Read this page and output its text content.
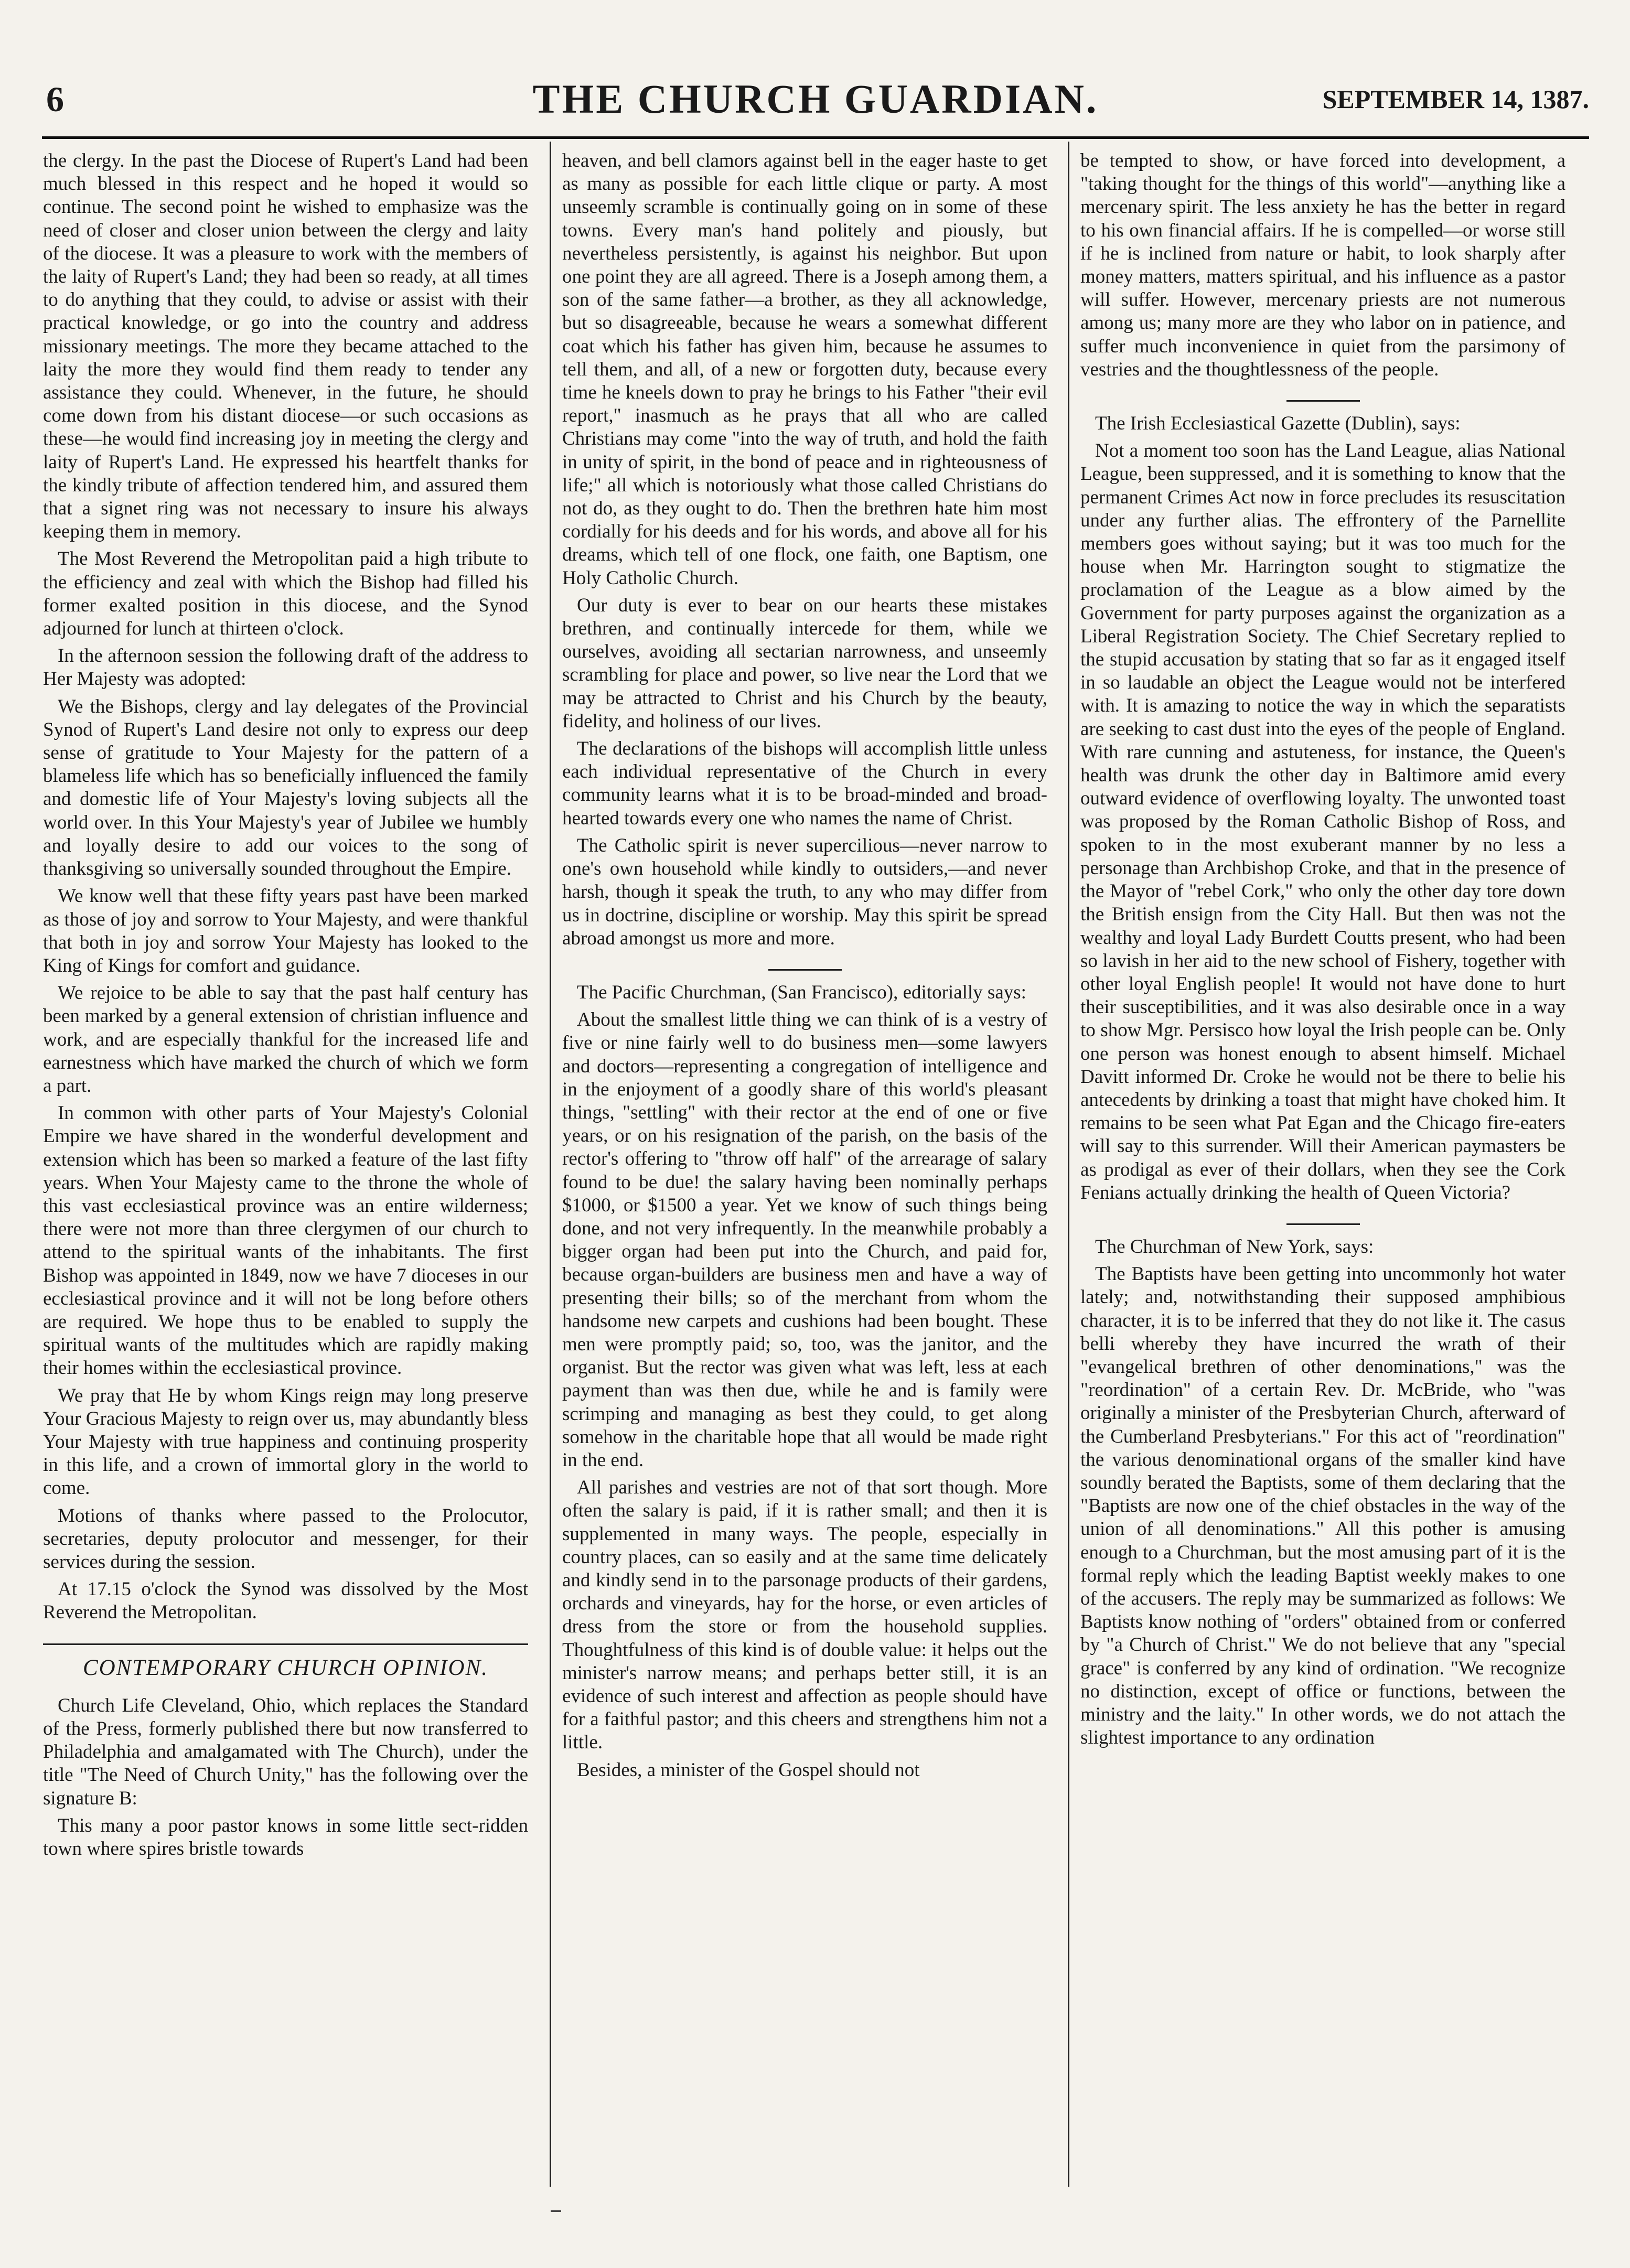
6	THE CHURCH GUARDIAN.	SEPTEMBER 14, 1387.

the clergy. In the past the Diocese of Rupert's Land had been much blessed in this respect and he hoped it would so continue. The second point he wished to emphasize was the need of closer and closer union between the clergy and laity of the diocese. It was a pleasure to work with the members of the laity of Rupert's Land; they had been so ready, at all times to do anything that they could, to advise or assist with their practical knowledge, or go into the country and address missionary meetings. The more they became attached to the laity the more they would find them ready to tender any assistance they could. Whenever, in the future, he should come down from his distant diocese—or such occasions as these—he would find increasing joy in meeting the clergy and laity of Rupert's Land. He expressed his heartfelt thanks for the kindly tribute of affection tendered him, and assured them that a signet ring was not necessary to insure his always keeping them in memory.

The Most Reverend the Metropolitan paid a high tribute to the efficiency and zeal with which the Bishop had filled his former exalted position in this diocese, and the Synod adjourned for lunch at thirteen o'clock.

In the afternoon session the following draft of the address to Her Majesty was adopted:

We the Bishops, clergy and lay delegates of the Provincial Synod of Rupert's Land desire not only to express our deep sense of gratitude to Your Majesty for the pattern of a blameless life which has so beneficially influenced the family and domestic life of Your Majesty's loving subjects all the world over. In this Your Majesty's year of Jubilee we humbly and loyally desire to add our voices to the song of thanksgiving so universally sounded throughout the Empire.

We know well that these fifty years past have been marked as those of joy and sorrow to Your Majesty, and were thankful that both in joy and sorrow Your Majesty has looked to the King of Kings for comfort and guidance.

We rejoice to be able to say that the past half century has been marked by a general extension of christian influence and work, and are especially thankful for the increased life and earnestness which have marked the church of which we form a part.

In common with other parts of Your Majesty's Colonial Empire we have shared in the wonderful development and extension which has been so marked a feature of the last fifty years. When Your Majesty came to the throne the whole of this vast ecclesiastical province was an entire wilderness; there were not more than three clergymen of our church to attend to the spiritual wants of the inhabitants. The first Bishop was appointed in 1849, now we have 7 dioceses in our ecclesiastical province and it will not be long before others are required. We hope thus to be enabled to supply the spiritual wants of the multitudes which are rapidly making their homes within the ecclesiastical province.

We pray that He by whom Kings reign may long preserve Your Gracious Majesty to reign over us, may abundantly bless Your Majesty with true happiness and continuing prosperity in this life, and a crown of immortal glory in the world to come.

Motions of thanks where passed to the Prolocutor, secretaries, deputy prolocutor and messenger, for their services during the session.

At 17.15 o'clock the Synod was dissolved by the Most Reverend the Metropolitan.

CONTEMPORARY CHURCH OPINION.

Church Life Cleveland, Ohio, which replaces the Standard of the Press, formerly published there but now transferred to Philadelphia and amalgamated with The Church), under the title "The Need of Church Unity," has the following over the signature B:

This many a poor pastor knows in some little sect-ridden town where spires bristle towards

heaven, and bell clamors against bell in the eager haste to get as many as possible for each little clique or party. A most unseemly scramble is continually going on in some of these towns. Every man's hand politely and piously, but nevertheless persistently, is against his neighbor. But upon one point they are all agreed. There is a Joseph among them, a son of the same father—a brother, as they all acknowledge, but so disagreeable, because he wears a somewhat different coat which his father has given him, because he assumes to tell them, and all, of a new or forgotten duty, because every time he kneels down to pray he brings to his Father "their evil report," inasmuch as he prays that all who are called Christians may come "into the way of truth, and hold the faith in unity of spirit, in the bond of peace and in righteousness of life;" all which is notoriously what those called Christians do not do, as they ought to do. Then the brethren hate him most cordially for his deeds and for his words, and above all for his dreams, which tell of one flock, one faith, one Baptism, one Holy Catholic Church.

Our duty is ever to bear on our hearts these mistakes brethren, and continually intercede for them, while we ourselves, avoiding all sectarian narrowness, and unseemly scrambling for place and power, so live near the Lord that we may be attracted to Christ and his Church by the beauty, fidelity, and holiness of our lives.

The declarations of the bishops will accomplish little unless each individual representative of the Church in every community learns what it is to be broad-minded and broad-hearted towards every one who names the name of Christ.

The Catholic spirit is never supercilious—never narrow to one's own household while kindly to outsiders,—and never harsh, though it speak the truth, to any who may differ from us in doctrine, discipline or worship. May this spirit be spread abroad amongst us more and more.

The Pacific Churchman, (San Francisco), editorially says:

About the smallest little thing we can think of is a vestry of five or nine fairly well to do business men—some lawyers and doctors—representing a congregation of intelligence and in the enjoyment of a goodly share of this world's pleasant things, "settling" with their rector at the end of one or five years, or on his resignation of the parish, on the basis of the rector's offering to "throw off half" of the arrearage of salary found to be due! the salary having been nominally perhaps $1000, or $1500 a year. Yet we know of such things being done, and not very infrequently. In the meanwhile probably a bigger organ had been put into the Church, and paid for, because organ-builders are business men and have a way of presenting their bills; so of the merchant from whom the handsome new carpets and cushions had been bought. These men were promptly paid; so, too, was the janitor, and the organist. But the rector was given what was left, less at each payment than was then due, while he and is family were scrimping and managing as best they could, to get along somehow in the charitable hope that all would be made right in the end.

All parishes and vestries are not of that sort though. More often the salary is paid, if it is rather small; and then it is supplemented in many ways. The people, especially in country places, can so easily and at the same time delicately and kindly send in to the parsonage products of their gardens, orchards and vineyards, hay for the horse, or even articles of dress from the store or from the household supplies. Thoughtfulness of this kind is of double value: it helps out the minister's narrow means; and perhaps better still, it is an evidence of such interest and affection as people should have for a faithful pastor; and this cheers and strengthens him not a little.

Besides, a minister of the Gospel should not

be tempted to show, or have forced into development, a "taking thought for the things of this world"—anything like a mercenary spirit. The less anxiety he has the better in regard to his own financial affairs. If he is compelled—or worse still if he is inclined from nature or habit, to look sharply after money matters, matters spiritual, and his influence as a pastor will suffer. However, mercenary priests are not numerous among us; many more are they who labor on in patience, and suffer much inconvenience in quiet from the parsimony of vestries and the thoughtlessness of the people.

The Irish Ecclesiastical Gazette (Dublin), says:

Not a moment too soon has the Land League, alias National League, been suppressed, and it is something to know that the permanent Crimes Act now in force precludes its resuscitation under any further alias. The effrontery of the Parnellite members goes without saying; but it was too much for the house when Mr. Harrington sought to stigmatize the proclamation of the League as a blow aimed by the Government for party purposes against the organization as a Liberal Registration Society. The Chief Secretary replied to the stupid accusation by stating that so far as it engaged itself in so laudable an object the League would not be interfered with. It is amazing to notice the way in which the separatists are seeking to cast dust into the eyes of the people of England. With rare cunning and astuteness, for instance, the Queen's health was drunk the other day in Baltimore amid every outward evidence of overflowing loyalty. The unwonted toast was proposed by the Roman Catholic Bishop of Ross, and spoken to in the most exuberant manner by no less a personage than Archbishop Croke, and that in the presence of the Mayor of "rebel Cork," who only the other day tore down the British ensign from the City Hall. But then was not the wealthy and loyal Lady Burdett Coutts present, who had been so lavish in her aid to the new school of Fishery, together with other loyal English people! It would not have done to hurt their susceptibilities, and it was also desirable once in a way to show Mgr. Persisco how loyal the Irish people can be. Only one person was honest enough to absent himself. Michael Davitt informed Dr. Croke he would not be there to belie his antecedents by drinking a toast that might have choked him. It remains to be seen what Pat Egan and the Chicago fire-eaters will say to this surrender. Will their American paymasters be as prodigal as ever of their dollars, when they see the Cork Fenians actually drinking the health of Queen Victoria?

The Churchman of New York, says:

The Baptists have been getting into uncommonly hot water lately; and, notwithstanding their supposed amphibious character, it is to be inferred that they do not like it. The casus belli whereby they have incurred the wrath of their "evangelical brethren of other denominations," was the "reordination" of a certain Rev. Dr. McBride, who "was originally a minister of the Presbyterian Church, afterward of the Cumberland Presbyterians." For this act of "reordination" the various denominational organs of the smaller kind have soundly berated the Baptists, some of them declaring that the "Baptists are now one of the chief obstacles in the way of the union of all denominations." All this pother is amusing enough to a Churchman, but the most amusing part of it is the formal reply which the leading Baptist weekly makes to one of the accusers. The reply may be summarized as follows: We Baptists know nothing of "orders" obtained from or conferred by "a Church of Christ." We do not believe that any "special grace" is conferred by any kind of ordination. "We recognize no distinction, except of office or functions, between the ministry and the laity." In other words, we do not attach the slightest importance to any ordination
